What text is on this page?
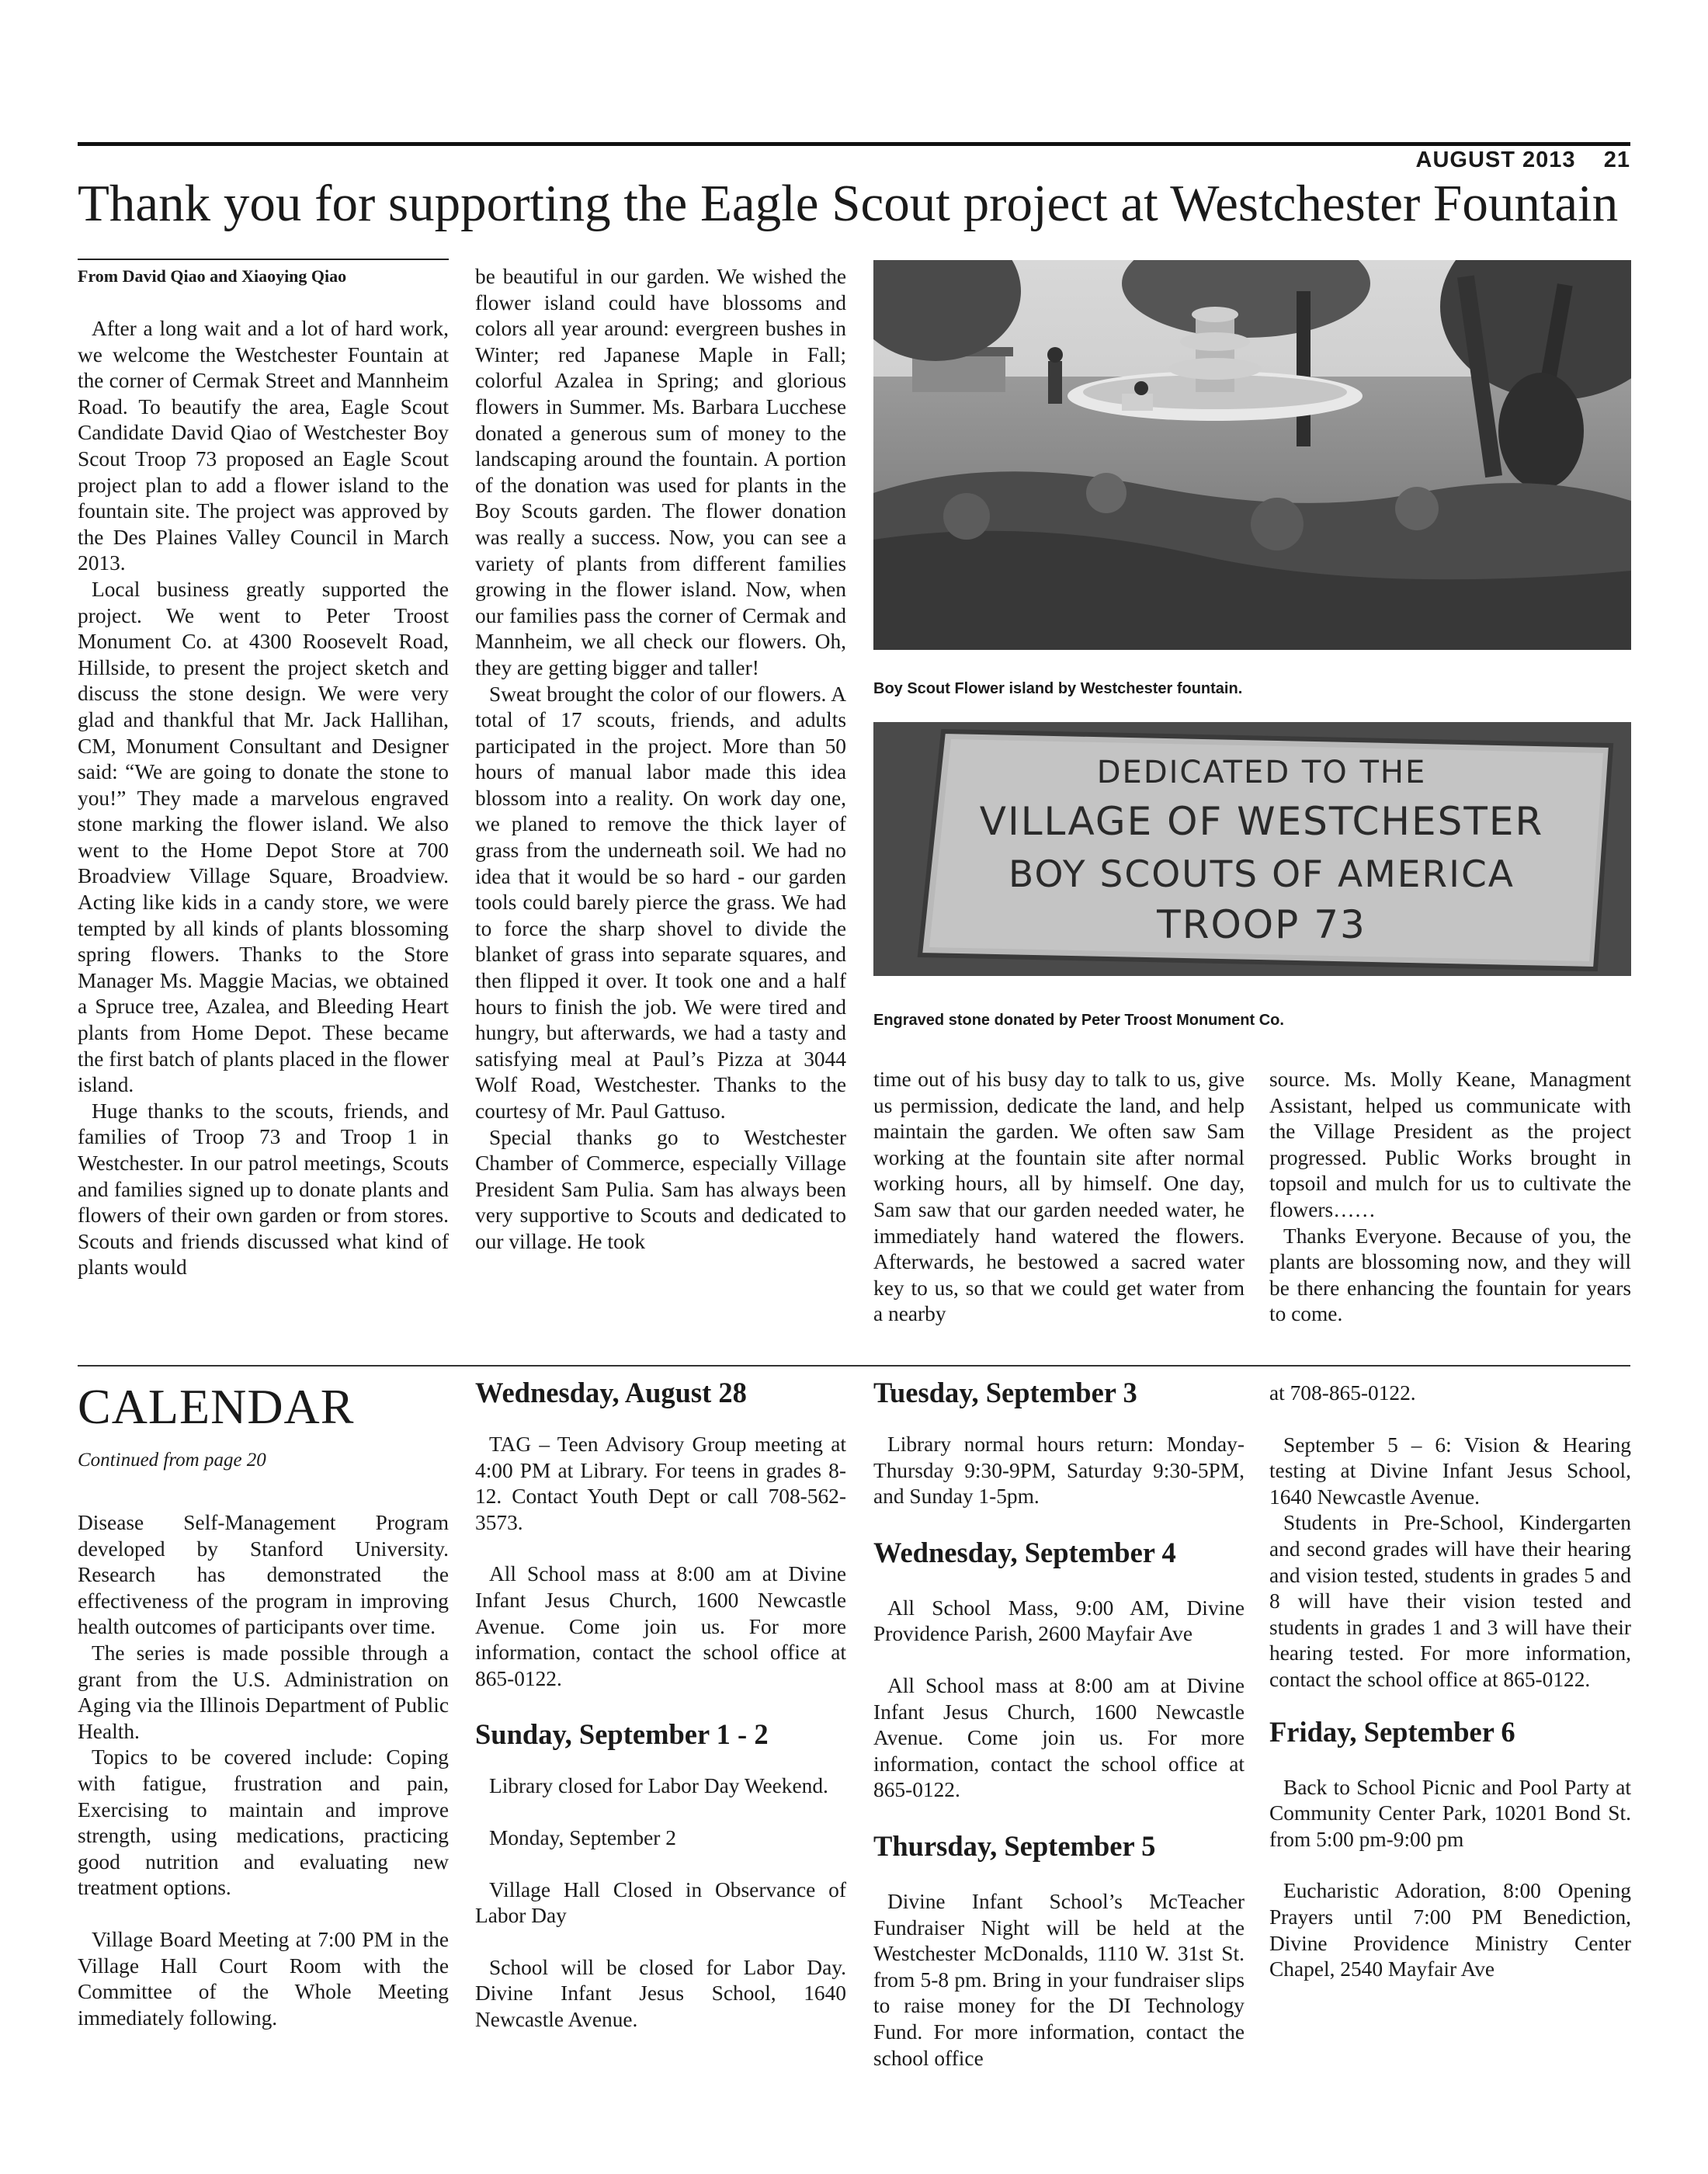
AUGUST 2013    21
Thank you for supporting the Eagle Scout project at Westchester Fountain
From David Qiao and Xiaoying Qiao

After a long wait and a lot of hard work, we welcome the Westchester Fountain at the corner of Cermak Street and Mannheim Road. To beautify the area, Eagle Scout Candidate David Qiao of Westchester Boy Scout Troop 73 proposed an Eagle Scout project plan to add a flower island to the fountain site. The project was approved by the Des Plaines Valley Council in March 2013.

Local business greatly supported the project. We went to Peter Troost Monument Co. at 4300 Roosevelt Road, Hillside, to present the project sketch and discuss the stone design. We were very glad and thankful that Mr. Jack Hallihan, CM, Monument Consultant and Designer said: “We are going to donate the stone to you!” They made a marvelous engraved stone marking the flower island. We also went to the Home Depot Store at 700 Broadview Village Square, Broadview. Acting like kids in a candy store, we were tempted by all kinds of plants blossoming spring flowers. Thanks to the Store Manager Ms. Maggie Macias, we obtained a Spruce tree, Azalea, and Bleeding Heart plants from Home Depot. These became the first batch of plants placed in the flower island.

Huge thanks to the scouts, friends, and families of Troop 73 and Troop 1 in Westchester. In our patrol meetings, Scouts and families signed up to donate plants and flowers of their own garden or from stores. Scouts and friends discussed what kind of plants would

be beautiful in our garden. We wished the flower island could have blossoms and colors all year around: evergreen bushes in Winter; red Japanese Maple in Fall; colorful Azalea in Spring; and glorious flowers in Summer. Ms. Barbara Lucchese donated a generous sum of money to the landscaping around the fountain. A portion of the donation was used for plants in the Boy Scouts garden. The flower donation was really a success. Now, you can see a variety of plants from different families growing in the flower island. Now, when our families pass the corner of Cermak and Mannheim, we all check our flowers. Oh, they are getting bigger and taller!

Sweat brought the color of our flowers. A total of 17 scouts, friends, and adults participated in the project. More than 50 hours of manual labor made this idea blossom into a reality. On work day one, we planed to remove the thick layer of grass from the underneath soil. We had no idea that it would be so hard - our garden tools could barely pierce the grass. We had to force the sharp shovel to divide the blanket of grass into separate squares, and then flipped it over. It took one and a half hours to finish the job. We were tired and hungry, but afterwards, we had a tasty and satisfying meal at Paul’s Pizza at 3044 Wolf Road, Westchester. Thanks to the courtesy of Mr. Paul Gattuso.

Special thanks go to Westchester Chamber of Commerce, especially Village President Sam Pulia. Sam has always been very supportive to Scouts and dedicated to our village. He took

Boy Scout Flower island by Westchester fountain.
DEDICATED TO THE
VILLAGE OF WESTCHESTER
BOY SCOUTS OF AMERICA
TROOP 73
Engraved stone donated by Peter Troost Monument Co.

time out of his busy day to talk to us, give us permission, dedicate the land, and help maintain the garden. We often saw Sam working at the fountain site after normal working hours, all by himself. One day, Sam saw that our garden needed water, he immediately hand watered the flowers. Afterwards, he bestowed a sacred water key to us, so that we could get water from a nearby

source. Ms. Molly Keane, Managment Assistant, helped us communicate with the Village President as the project progressed. Public Works brought in topsoil and mulch for us to cultivate the flowers……

Thanks Everyone. Because of you, the plants are blossoming now, and they will be there enhancing the fountain for years to come.

CALENDAR
Continued from page 20

Disease Self-Management Program developed by Stanford University. Research has demonstrated the effectiveness of the program in improving health outcomes of participants over time.

The series is made possible through a grant from the U.S. Administration on Aging via the Illinois Department of Public Health.

Topics to be covered include: Coping with fatigue, frustration and pain, Exercising to maintain and improve strength, using medications, practicing good nutrition and evaluating new treatment options.

Village Board Meeting at 7:00 PM in the Village Hall Court Room with the Committee of the Whole Meeting immediately following.

Wednesday, August 28

TAG – Teen Advisory Group meeting at 4:00 PM at Library. For teens in grades 8-12. Contact Youth Dept or call 708-562-3573.

All School mass at 8:00 am at Divine Infant Jesus Church, 1600 Newcastle Avenue. Come join us. For more information, contact the school office at 865-0122.

Sunday, September 1 - 2

Library closed for Labor Day Weekend.

Monday, September 2

Village Hall Closed in Observance of Labor Day

School will be closed for Labor Day. Divine Infant Jesus School, 1640 Newcastle Avenue.

Tuesday, September 3

Library normal hours return: Monday-Thursday 9:30-9PM, Saturday 9:30-5PM, and Sunday 1-5pm.

Wednesday, September 4

All School Mass, 9:00 AM, Divine Providence Parish, 2600 Mayfair Ave

All School mass at 8:00 am at Divine Infant Jesus Church, 1600 Newcastle Avenue. Come join us. For more information, contact the school office at 865-0122.

Thursday, September 5

Divine Infant School’s McTeacher Fundraiser Night will be held at the Westchester McDonalds, 1110 W. 31st St. from 5-8 pm. Bring in your fundraiser slips to raise money for the DI Technology Fund. For more information, contact the school office

at 708-865-0122.

September 5 – 6: Vision & Hearing testing at Divine Infant Jesus School, 1640 Newcastle Avenue.

Students in Pre-School, Kindergarten and second grades will have their hearing and vision tested, students in grades 5 and 8 will have their vision tested and students in grades 1 and 3 will have their hearing tested. For more information, contact the school office at 865-0122.

Friday, September 6

Back to School Picnic and Pool Party at Community Center Park, 10201 Bond St. from 5:00 pm-9:00 pm

Eucharistic Adoration, 8:00 Opening Prayers until 7:00 PM Benediction, Divine Providence Ministry Center Chapel, 2540 Mayfair Ave
